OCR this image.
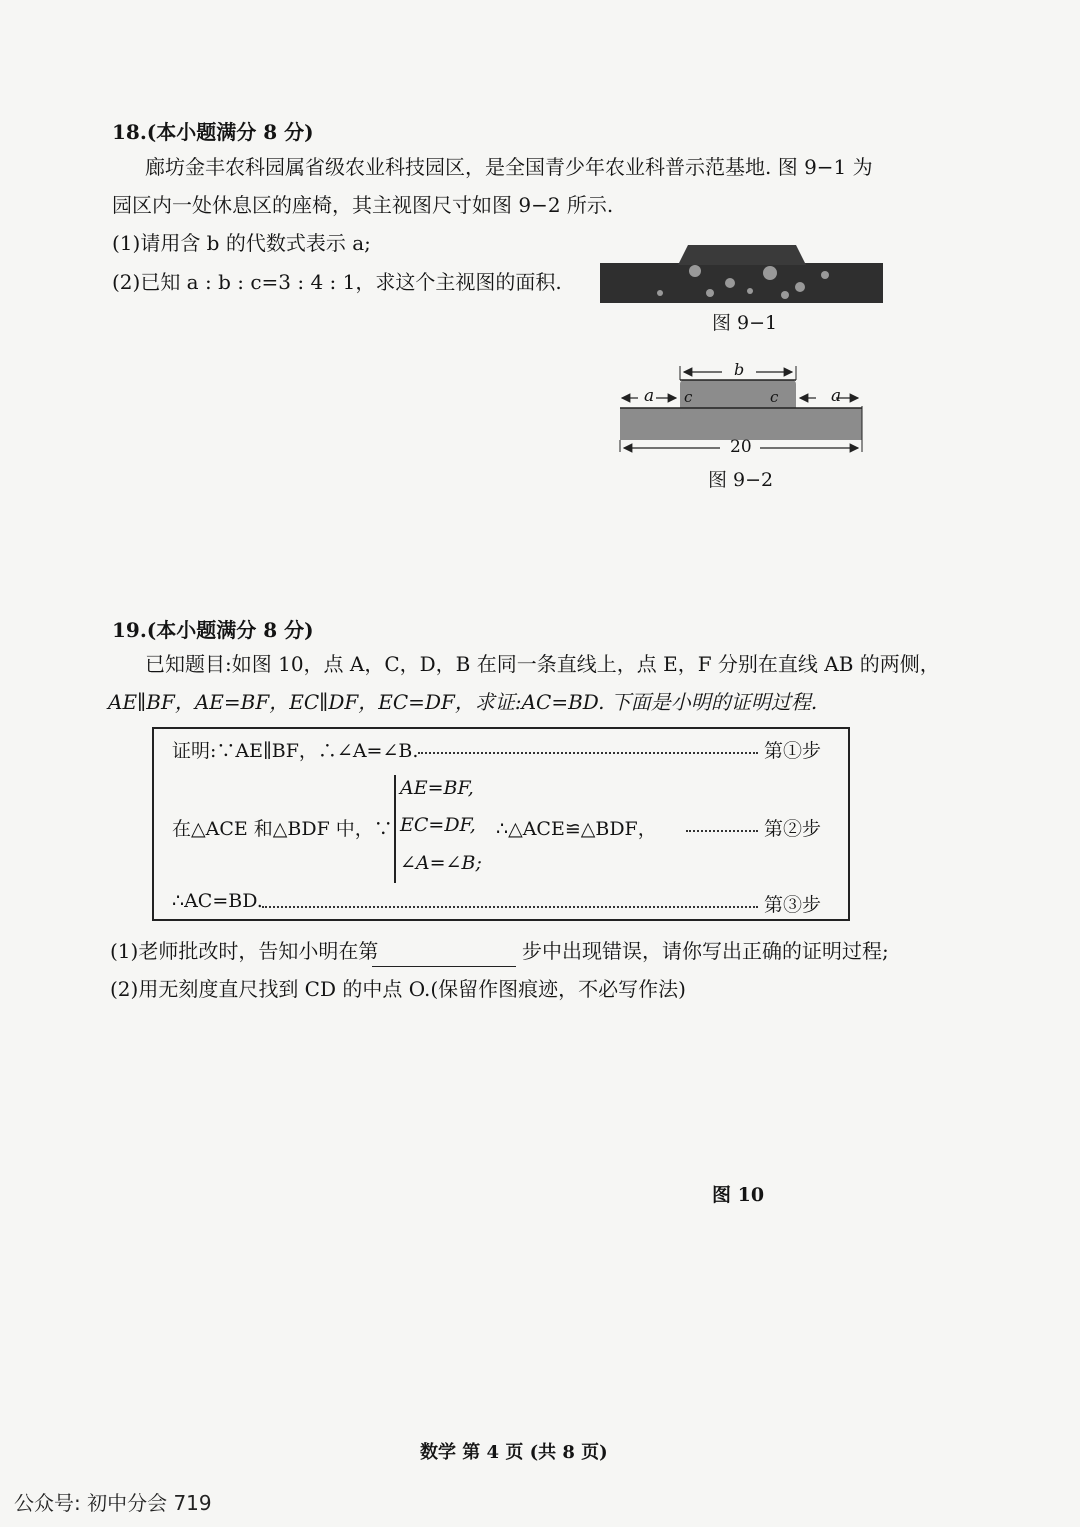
18.(本小题满分 8 分)
廊坊金丰农科园属省级农业科技园区，是全国青少年农业科普示范基地. 图 9−1 为
园区内一处休息区的座椅，其主视图尺寸如图 9−2 所示.
(1)请用含 b 的代数式表示 a;
(2)已知 a : b : c=3 : 4 : 1，求这个主视图的面积.
图 9−1
a	a
c	c
b
20
图 9−2
19.(本小题满分 8 分)
已知题目:如图 10，点 A，C，D，B 在同一条直线上，点 E，F 分别在直线 AB 的两侧，
AE∥BF，AE=BF，EC∥DF，EC=DF，求证:AC=BD. 下面是小明的证明过程.
证明:∵AE∥BF，∴∠A=∠B.	第①步
在△ACE 和△BDF 中，∵
AE=BF,
EC=DF,
∠A=∠B;
∴△ACE≌△BDF，	第②步
∴AC=BD.	第③步
(1)老师批改时，告知小明在第	步中出现错误，请你写出正确的证明过程;
(2)用无刻度直尺找到 CD 的中点 O.(保留作图痕迹，不必写作法)
图 10
数学 第 4 页 (共 8 页)
公众号: 初中分会 719
